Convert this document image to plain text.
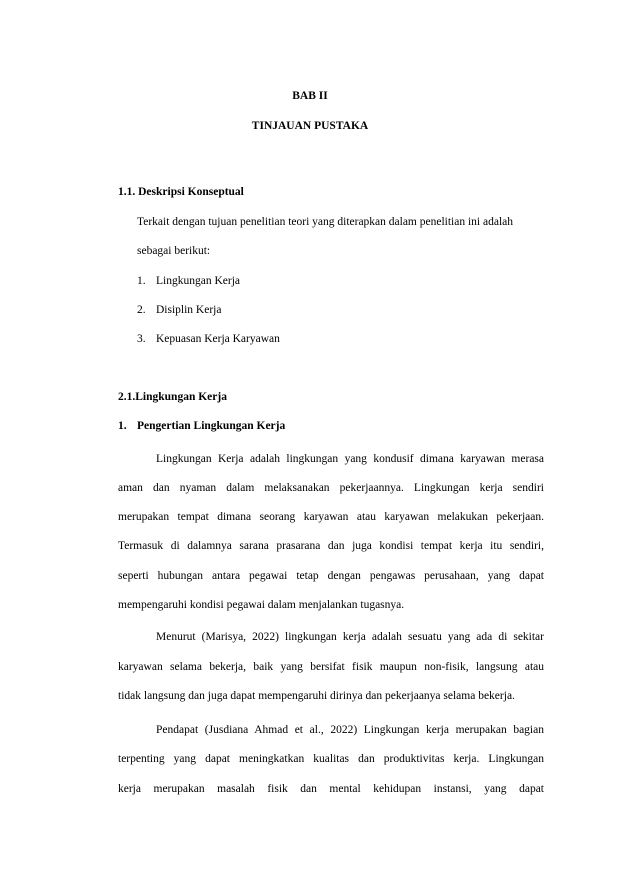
BAB II
TINJAUAN PUSTAKA
1.1. Deskripsi Konseptual
Terkait dengan tujuan penelitian teori yang diterapkan dalam penelitian ini adalah
sebagai berikut:
1. Lingkungan Kerja
2. Disiplin Kerja
3. Kepuasan Kerja Karyawan
2.1.Lingkungan Kerja
1. Pengertian Lingkungan Kerja
Lingkungan Kerja adalah lingkungan yang kondusif dimana karyawan merasa
aman dan nyaman dalam melaksanakan pekerjaannya. Lingkungan kerja sendiri
merupakan tempat dimana seorang karyawan atau karyawan melakukan pekerjaan.
Termasuk di dalamnya sarana prasarana dan juga kondisi tempat kerja itu sendiri,
seperti hubungan antara pegawai tetap dengan pengawas perusahaan, yang dapat
mempengaruhi kondisi pegawai dalam menjalankan tugasnya.
Menurut (Marisya, 2022) lingkungan kerja adalah sesuatu yang ada di sekitar
karyawan selama bekerja, baik yang bersifat fisik maupun non-fisik, langsung atau
tidak langsung dan juga dapat mempengaruhi dirinya dan pekerjaanya selama bekerja.
Pendapat (Jusdiana Ahmad et al., 2022) Lingkungan kerja merupakan bagian
terpenting yang dapat meningkatkan kualitas dan produktivitas kerja. Lingkungan
kerja merupakan masalah fisik dan mental kehidupan instansi, yang dapat
